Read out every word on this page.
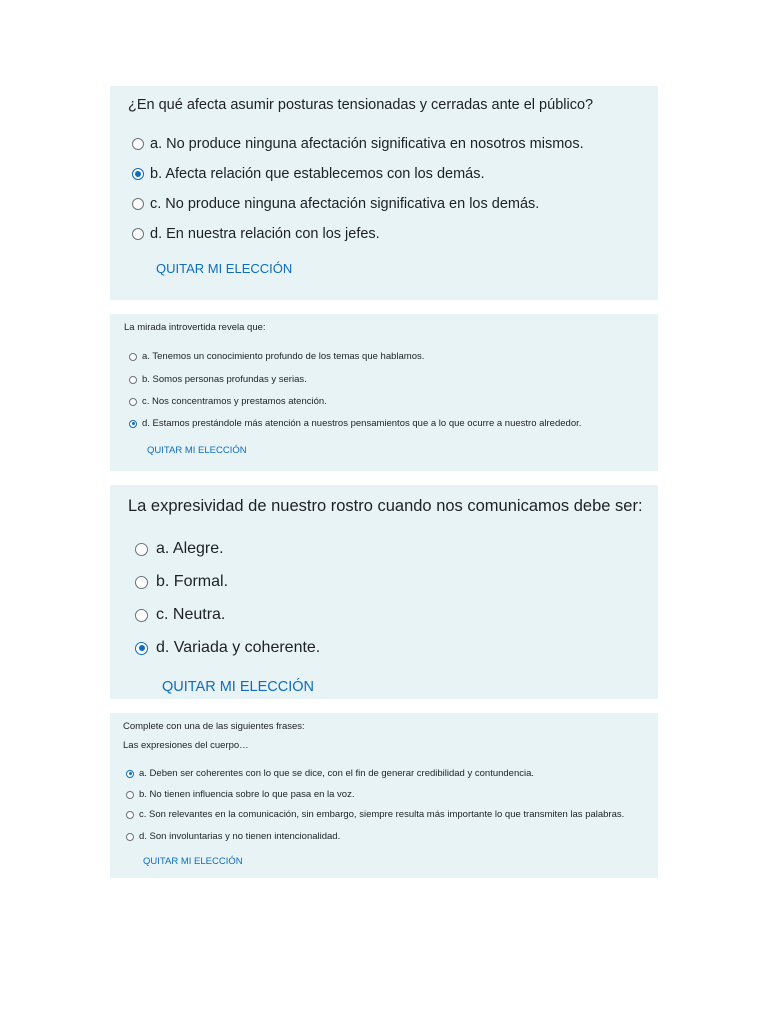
¿En qué afecta asumir posturas tensionadas y cerradas ante el público?

a. No produce ninguna afectación significativa en nosotros mismos.
b. Afecta relación que establecemos con los demás.
c. No produce ninguna afectación significativa en los demás.
d. En nuestra relación con los jefes.
QUITAR MI ELECCIÓN

La mirada introvertida revela que:

a. Tenemos un conocimiento profundo de los temas que hablamos.
b. Somos personas profundas y serias.
c. Nos concentramos y prestamos atención.
d. Estamos prestándole más atención a nuestros pensamientos que a lo que ocurre a nuestro alrededor.
QUITAR MI ELECCIÓN

La expresividad de nuestro rostro cuando nos comunicamos debe ser:

a. Alegre.
b. Formal.
c. Neutra.
d. Variada y coherente.
QUITAR MI ELECCIÓN

Complete con una de las siguientes frases:

Las expresiones del cuerpo…

a. Deben ser coherentes con lo que se dice, con el fin de generar credibilidad y contundencia.
b. No tienen influencia sobre lo que pasa en la voz.
c. Son relevantes en la comunicación, sin embargo, siempre resulta más importante lo que transmiten las palabras.
d. Son involuntarias y no tienen intencionalidad.
QUITAR MI ELECCIÓN
